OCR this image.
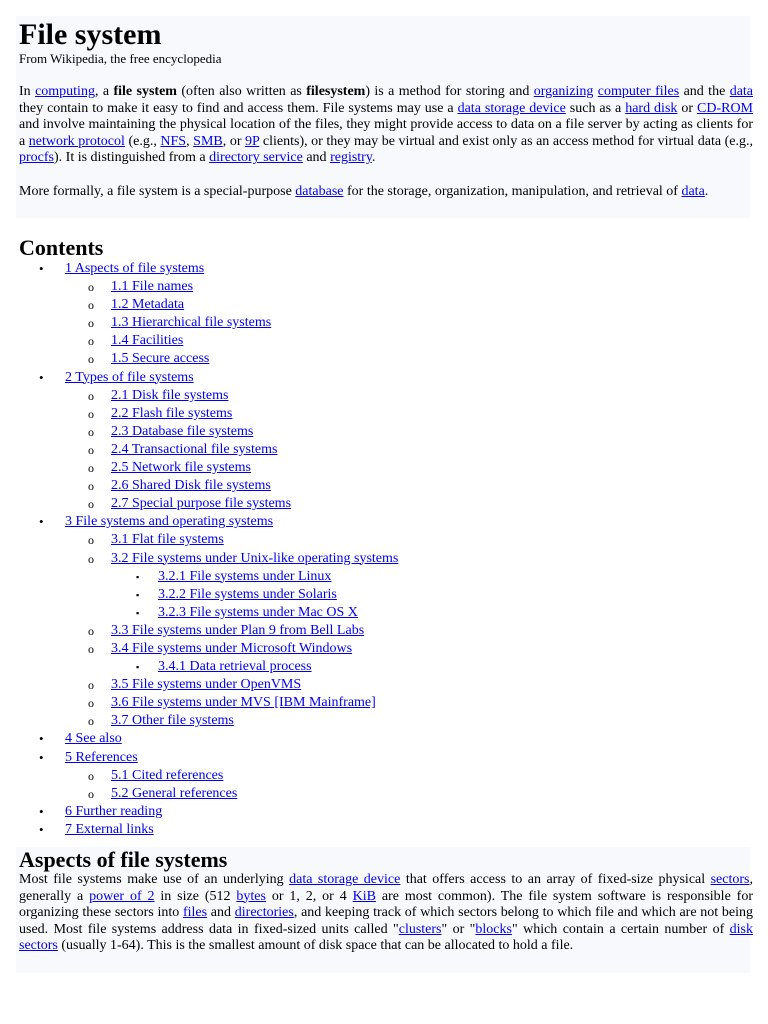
File system
From Wikipedia, the free encyclopedia

In computing, a file system (often also written as filesystem) is a method for storing and organizing computer files and the data they contain to make it easy to find and access them. File systems may use a data storage device such as a hard disk or CD-ROM and involve maintaining the physical location of the files, they might provide access to data on a file server by acting as clients for a network protocol (e.g., NFS, SMB, or 9P clients), or they may be virtual and exist only as an access method for virtual data (e.g., procfs). It is distinguished from a directory service and registry.

More formally, a file system is a special-purpose database for the storage, organization, manipulation, and retrieval of data.

Contents
• 1 Aspects of file systems
o 1.1 File names
o 1.2 Metadata
o 1.3 Hierarchical file systems
o 1.4 Facilities
o 1.5 Secure access
• 2 Types of file systems
o 2.1 Disk file systems
o 2.2 Flash file systems
o 2.3 Database file systems
o 2.4 Transactional file systems
o 2.5 Network file systems
o 2.6 Shared Disk file systems
o 2.7 Special purpose file systems
• 3 File systems and operating systems
o 3.1 Flat file systems
o 3.2 File systems under Unix-like operating systems
▪ 3.2.1 File systems under Linux
▪ 3.2.2 File systems under Solaris
▪ 3.2.3 File systems under Mac OS X
o 3.3 File systems under Plan 9 from Bell Labs
o 3.4 File systems under Microsoft Windows
▪ 3.4.1 Data retrieval process
o 3.5 File systems under OpenVMS
o 3.6 File systems under MVS [IBM Mainframe]
o 3.7 Other file systems
• 4 See also
• 5 References
o 5.1 Cited references
o 5.2 General references
• 6 Further reading
• 7 External links
Aspects of file systems

Most file systems make use of an underlying data storage device that offers access to an array of fixed-size physical sectors, generally a power of 2 in size (512 bytes or 1, 2, or 4 KiB are most common). The file system software is responsible for organizing these sectors into files and directories, and keeping track of which sectors belong to which file and which are not being used. Most file systems address data in fixed-sized units called "clusters" or "blocks" which contain a certain number of disk sectors (usually 1-64). This is the smallest amount of disk space that can be allocated to hold a file.
